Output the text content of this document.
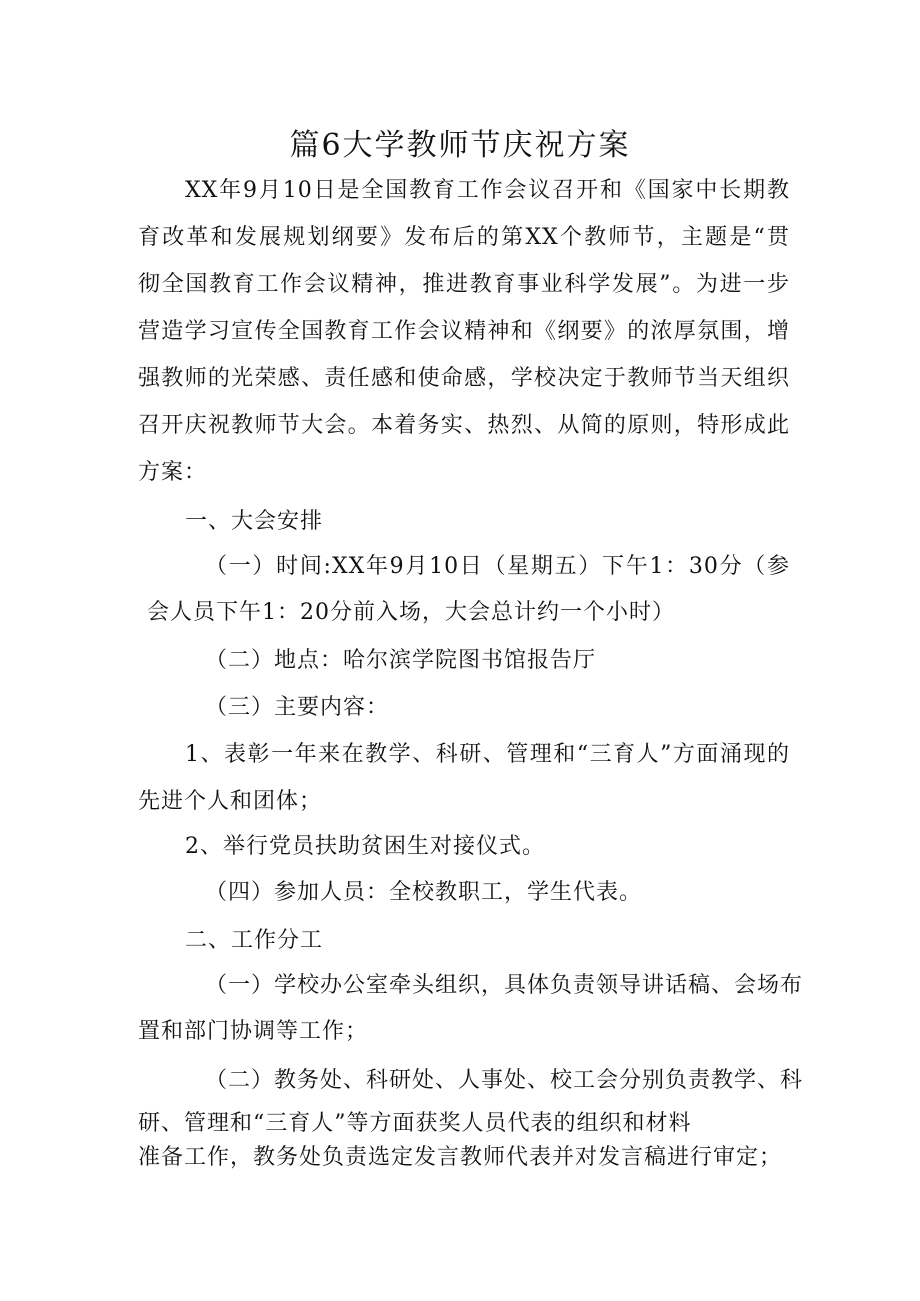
篇6大学教师节庆祝方案
XX年9月10日是全国教育工作会议召开和《国家中长期教
育改革和发展规划纲要》发布后的第XX个教师节，主题是“贯
彻全国教育工作会议精神，推进教育事业科学发展”。为进一步
营造学习宣传全国教育工作会议精神和《纲要》的浓厚氛围，增
强教师的光荣感、责任感和使命感，学校决定于教师节当天组织
召开庆祝教师节大会。本着务实、热烈、从简的原则，特形成此
方案：
一、大会安排
（一）时间:XX年9月10日（星期五）下午1：30分（参
会人员下午1：20分前入场，大会总计约一个小时）
（二）地点：哈尔滨学院图书馆报告厅
（三）主要内容：
1、表彰一年来在教学、科研、管理和“三育人”方面涌现的
先进个人和团体；
2、举行党员扶助贫困生对接仪式。
（四）参加人员：全校教职工，学生代表。
二、工作分工
（一）学校办公室牵头组织，具体负责领导讲话稿、会场布
置和部门协调等工作；
（二）教务处、科研处、人事处、校工会分别负责教学、科
研、管理和“三育人”等方面获奖人员代表的组织和材料
准备工作，教务处负责选定发言教师代表并对发言稿进行审定；
